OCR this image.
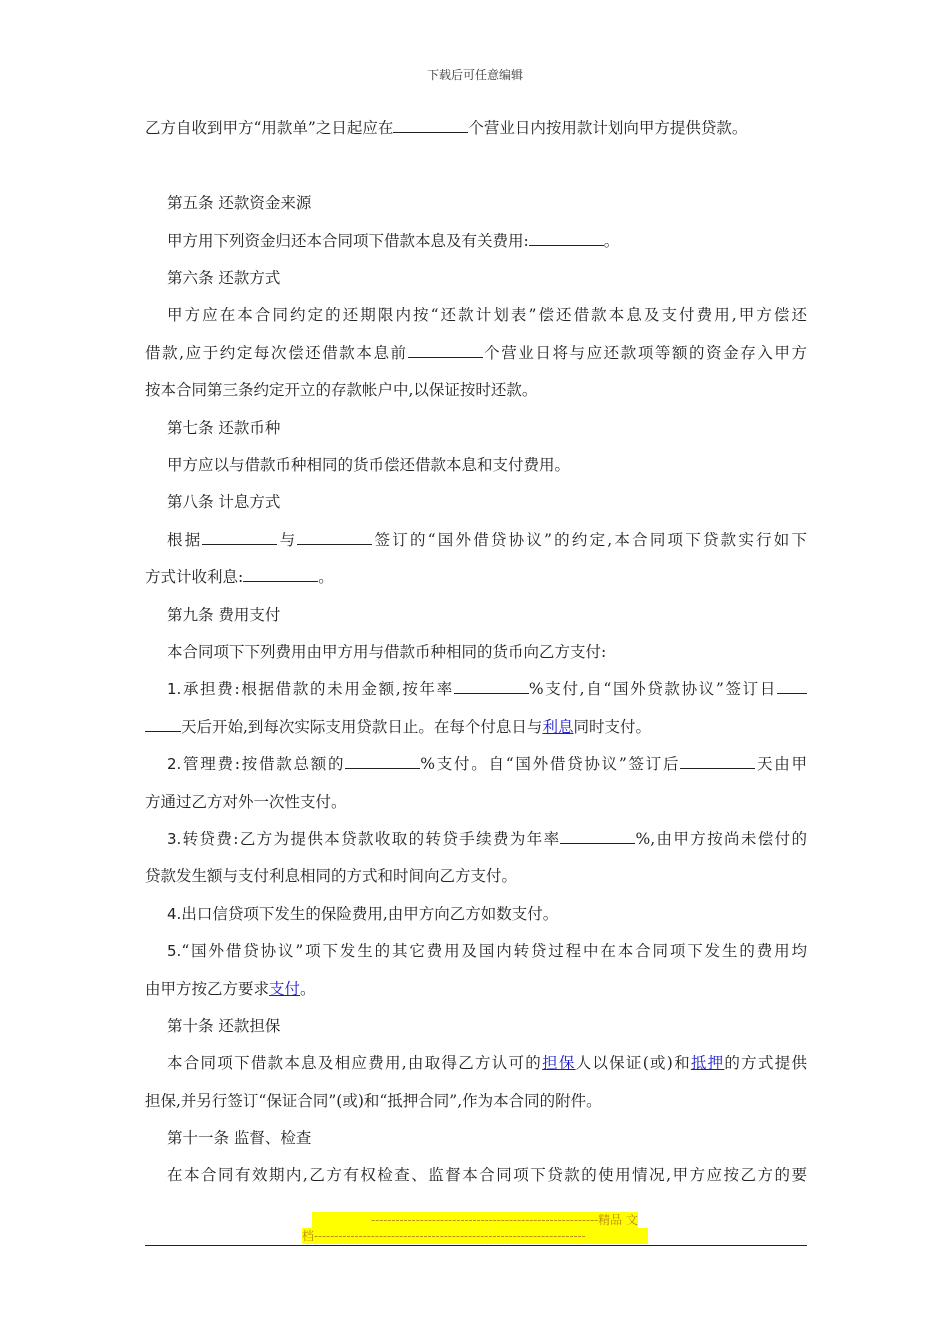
下载后可任意编辑
乙方自收到甲方“用款单”之日起应在	个营业日内按用款计划向甲方提供贷款。
第五条 还款资金来源
甲方用下列资金归还本合同项下借款本息及有关费用:	。
第六条 还款方式
甲方应在本合同约定的还期限内按“还款计划表”偿还借款本息及支付费用,甲方偿还
借款,应于约定每次偿还借款本息前	个营业日将与应还款项等额的资金存入甲方
按本合同第三条约定开立的存款帐户中,以保证按时还款。
第七条 还款币种
甲方应以与借款币种相同的货币偿还借款本息和支付费用。
第八条 计息方式
根据	与	签订的“国外借贷协议”的约定,本合同项下贷款实行如下
方式计收利息:	。
第九条 费用支付
本合同项下下列费用由甲方用与借款币种相同的货币向乙方支付:
1.承担费:根据借款的未用金额,按年率	%支付,自“国外贷款协议”签订日
天后开始,到每次实际支用贷款日止。在每个付息日与利息同时支付。
2.管理费:按借款总额的	%支付。自“国外借贷协议”签订后	天由甲
方通过乙方对外一次性支付。
3.转贷费:乙方为提供本贷款收取的转贷手续费为年率	%,由甲方按尚未偿付的
贷款发生额与支付利息相同的方式和时间向乙方支付。
4.出口信贷项下发生的保险费用,由甲方向乙方如数支付。
5.“国外借贷协议”项下发生的其它费用及国内转贷过程中在本合同项下发生的费用均
由甲方按乙方要求支付。
第十条 还款担保
本合同项下借款本息及相应费用,由取得乙方认可的担保人以保证(或)和抵押的方式提供
担保,并另行签订“保证合同”(或)和“抵押合同”,作为本合同的附件。
第十一条 监督、检查
在本合同有效期内,乙方有权检查、监督本合同项下贷款的使用情况,甲方应按乙方的要
--------------------------------------------------------精品 文
档-------------------------------------------------------------------
